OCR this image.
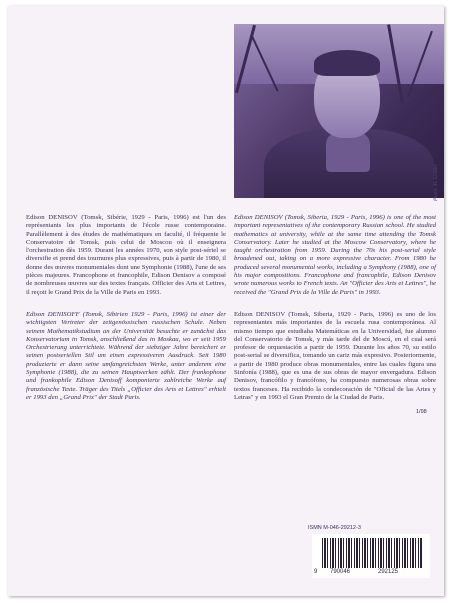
Photo: M. SZABO

Edison DENISOV (Tomsk, Sibérie, 1929 - Paris, 1996) est l'un des représentants les plus importants de l'école russe contemporaine. Parallèlement à des études de mathématiques en faculté, il fréquente le Conservatoire de Tomsk, puis celui de Moscou où il enseignera l'orchestration dès 1959. Durant les années 1970, son style post-sériel se diversifie et prend des tournures plus expressives, puis à partir de 1980, il donne des œuvres monumentales dont une Symphonie (1988), l'une de ses pièces majeures. Francophone et francophile, Edison Denisov a composé de nombreuses œuvres sur des textes français. Officier des Arts et Lettres, il reçoit le Grand Prix de la Ville de Paris en 1993.

Edison DENISOV (Tomsk, Siberia, 1929 - Paris, 1996) is one of the most important representatives of the contemporary Russian school. He studied mathematics at university, while at the same time attending the Tomsk Conservatory. Later he studied at the Moscow Conservatory, where he taught orchestration from 1959. During the 70s his post-serial style broadened out, taking on a more expressive character. From 1980 he produced several monumental works, including a Symphony (1988), one of his major compositions. Francophone and francophile, Edison Denisov wrote numerous works to French texts. An "Officier des Arts et Lettres", he received the "Grand Prix de la Ville de Paris" in 1993.

Edison DENISOFF (Tomsk, Sibirien 1929 - Paris, 1996) ist einer der wichtigsten Vertreter der zeitgenössischen russischen Schule. Neben seinem Mathematikstudium an der Universität besuchte er zunächst das Konservatorium in Tomsk, anschließend das in Moskau, wo er seit 1959 Orchestrierung unterrichtete. Während der siebziger Jahre bereichert er seinen postseriellen Stil um einen expressiveren Ausdruck. Seit 1980 produzierte er dann seine umfangreichsten Werke, unter anderem eine Symphonie (1988), die zu seinen Hauptwerken zählt. Der frankophone und frankophile Edison Denisoff komponierte zahlreiche Werke auf französische Texte. Träger des Titels „Officier des Arts et Lettres" erhielt er 1993 den „Grand Prix" der Stadt Paris.

Edison DENISOV (Tomsk, Siberia, 1929 - Paris, 1996) es uno de los representantes más importantes de la escuela rusa contemporánea. Al mismo tiempo que estudiaba Matemáticas en la Universidad, fue alumno del Conservatorio de Tomsk, y más tarde del de Moscú, en el cual será profesor de orquestación a partir de 1959. Durante los años 70, su estilo post-serial se diversifica, tomando un cariz más expresivo. Posteriormente, a partir de 1980 produce obras monumentales, entre las cuales figura una Sinfonía (1988), que es una de sus obras de mayor envergadura. Edison Denisov, francófilo y francófono, ha compuesto numerosas obras sobre textos franceses. Ha recibido la condecoración de "Oficial de las Artes y Letras" y en 1993 el Gran Premio de la Ciudad de Paris.

1/98
ISMN M-046-29212-3
9 790046	292125
